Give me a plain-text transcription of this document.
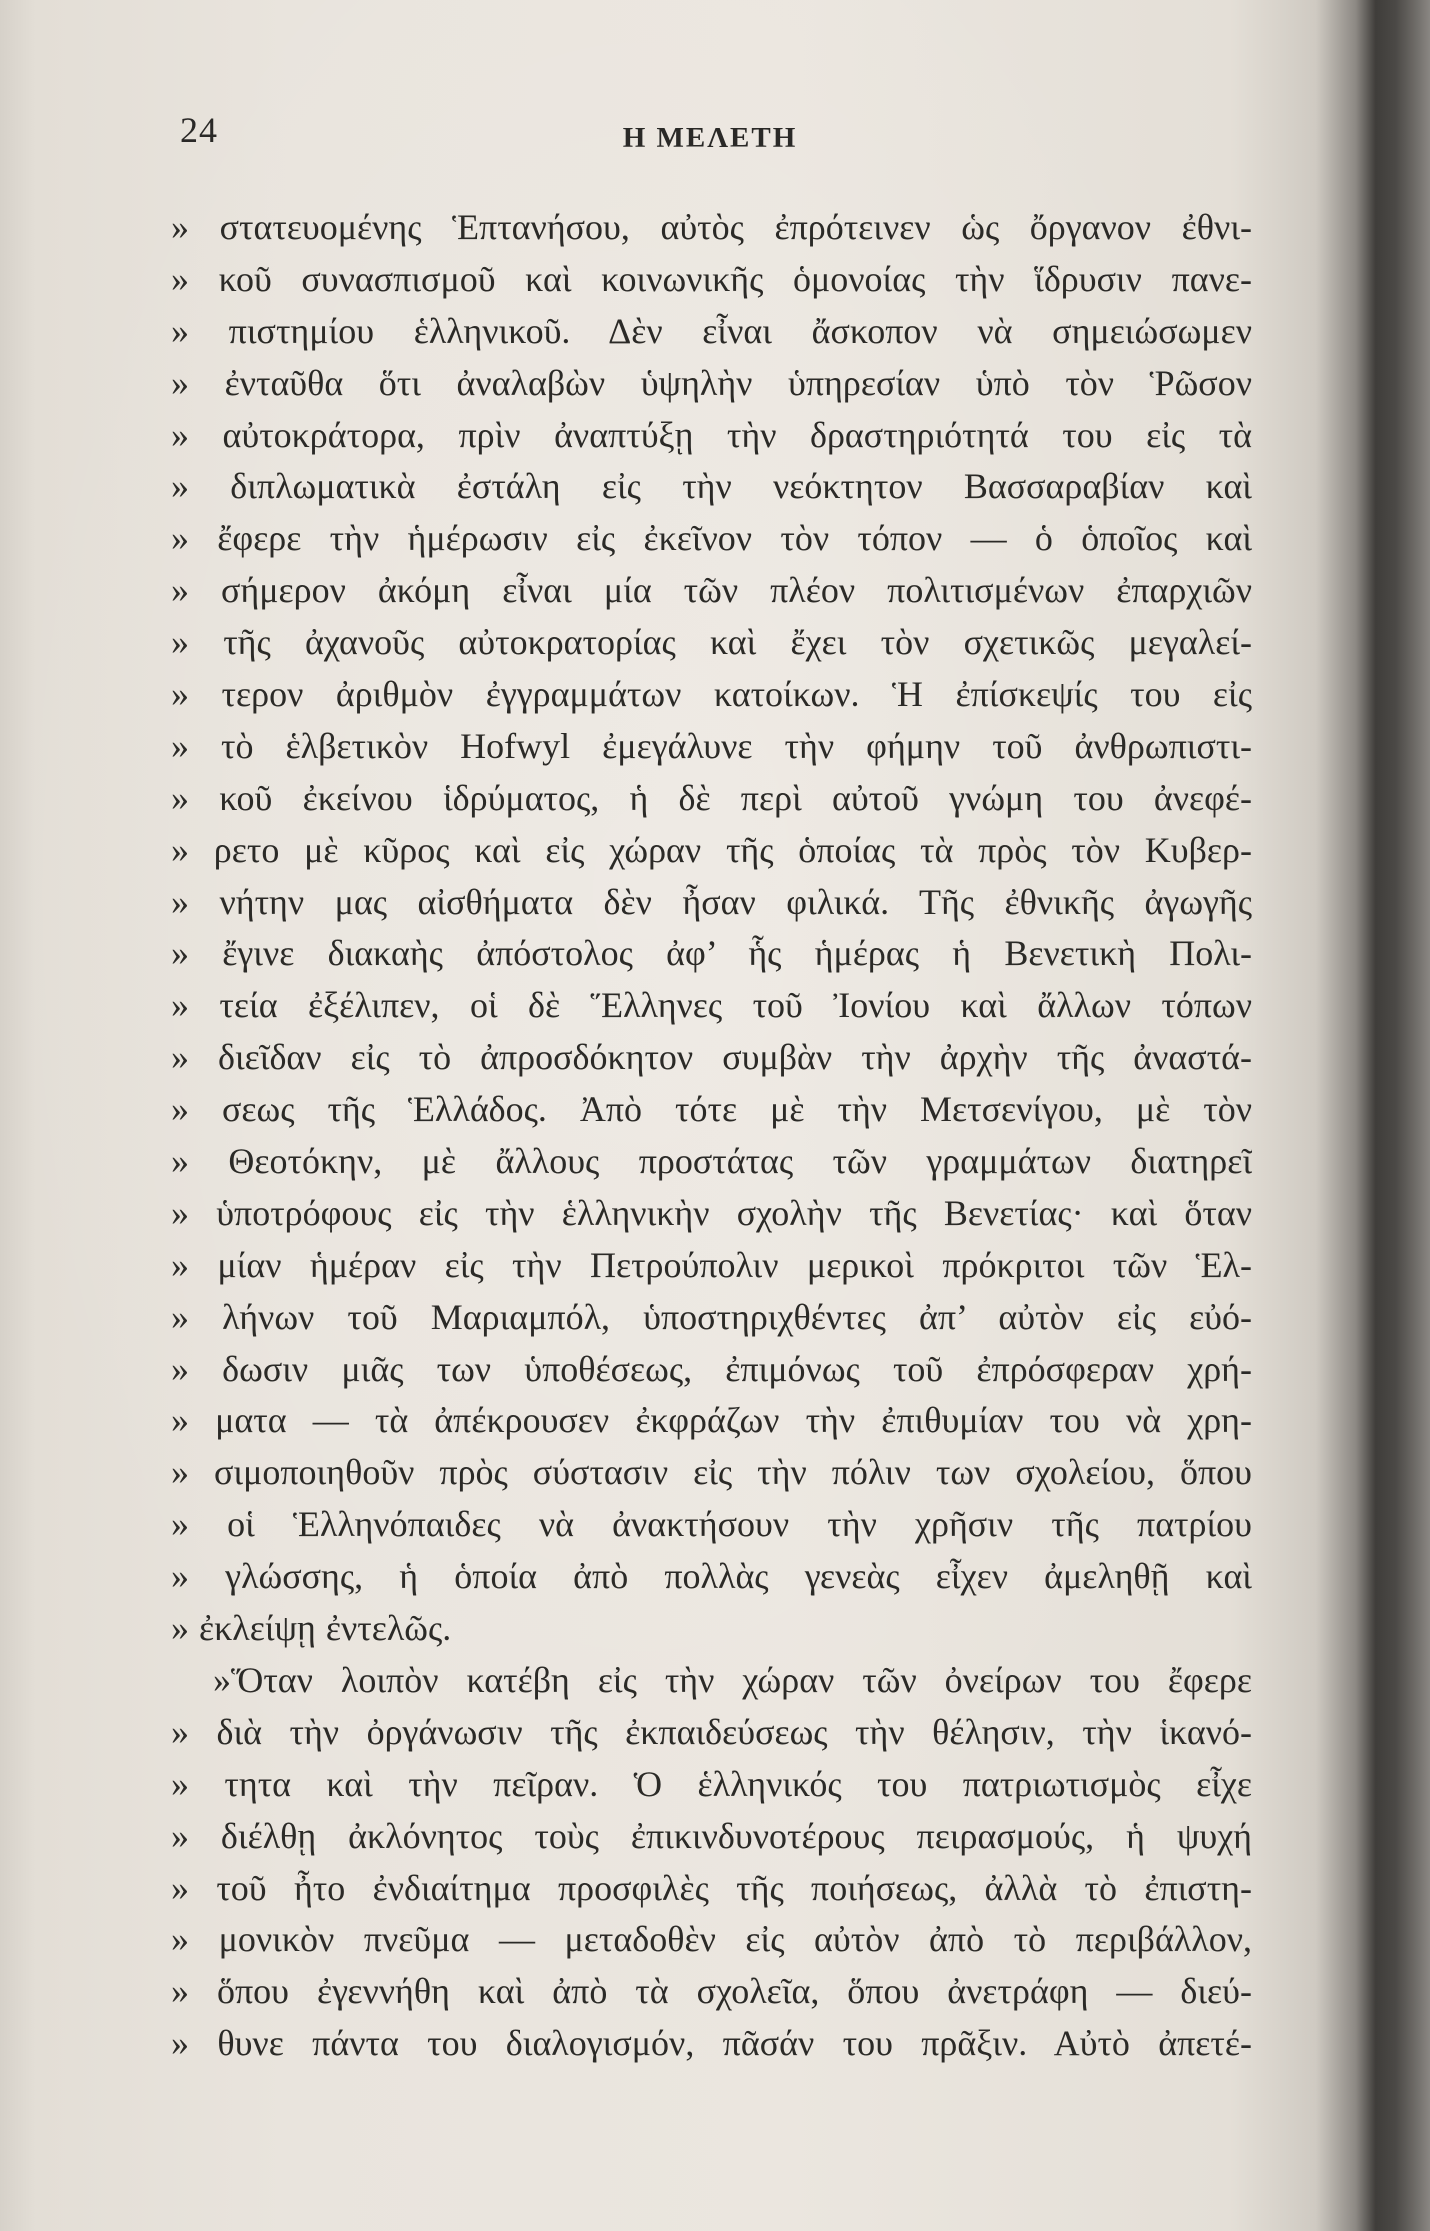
24	Η ΜΕΛΕΤΗ
» στατευομένης Ἑπτανήσου, αὐτὸς ἐπρότεινεν ὡς ὄργανον ἐθνι-
» κοῦ συνασπισμοῦ καὶ κοινωνικῆς ὁμονοίας τὴν ἵδρυσιν πανε-
» πιστημίου ἑλληνικοῦ. Δὲν εἶναι ἄσκοπον νὰ σημειώσωμεν
» ἐνταῦθα ὅτι ἀναλαβὼν ὑψηλὴν ὑπηρεσίαν ὑπὸ τὸν Ῥῶσον
» αὐτοκράτορα, πρὶν ἀναπτύξῃ τὴν δραστηριότητά του εἰς τὰ
» διπλωματικὰ ἐστάλη εἰς τὴν νεόκτητον Βασσαραβίαν καὶ
» ἔφερε τὴν ἡμέρωσιν εἰς ἐκεῖνον τὸν τόπον — ὁ ὁποῖος καὶ
» σήμερον ἀκόμη εἶναι μία τῶν πλέον πολιτισμένων ἐπαρχιῶν
» τῆς ἀχανοῦς αὐτοκρατορίας καὶ ἔχει τὸν σχετικῶς μεγαλεί-
» τερον ἀριθμὸν ἐγγραμμάτων κατοίκων. Ἡ ἐπίσκεψίς του εἰς
» τὸ ἑλβετικὸν Hofwyl ἐμεγάλυνε τὴν φήμην τοῦ ἀνθρωπιστι-
» κοῦ ἐκείνου ἱδρύματος, ἡ δὲ περὶ αὐτοῦ γνώμη του ἀνεφέ-
» ρετο μὲ κῦρος καὶ εἰς χώραν τῆς ὁποίας τὰ πρὸς τὸν Κυβερ-
» νήτην μας αἰσθήματα δὲν ἦσαν φιλικά. Τῆς ἐθνικῆς ἀγωγῆς
» ἔγινε διακαὴς ἀπόστολος ἀφ’ ἧς ἡμέρας ἡ Βενετικὴ Πολι-
» τεία ἐξέλιπεν, οἱ δὲ Ἕλληνες τοῦ Ἰονίου καὶ ἄλλων τόπων
» διεῖδαν εἰς τὸ ἀπροσδόκητον συμβὰν τὴν ἀρχὴν τῆς ἀναστά-
» σεως τῆς Ἑλλάδος. Ἀπὸ τότε μὲ τὴν Μετσενίγου, μὲ τὸν
» Θεοτόκην, μὲ ἄλλους προστάτας τῶν γραμμάτων διατηρεῖ
» ὑποτρόφους εἰς τὴν ἑλληνικὴν σχολὴν τῆς Βενετίας· καὶ ὅταν
» μίαν ἡμέραν εἰς τὴν Πετρούπολιν μερικοὶ πρόκριτοι τῶν Ἑλ-
» λήνων τοῦ Μαριαμπόλ, ὑποστηριχθέντες ἀπ’ αὐτὸν εἰς εὐό-
» δωσιν μιᾶς των ὑποθέσεως, ἐπιμόνως τοῦ ἐπρόσφεραν χρή-
» ματα — τὰ ἀπέκρουσεν ἐκφράζων τὴν ἐπιθυμίαν του νὰ χρη-
» σιμοποιηθοῦν πρὸς σύστασιν εἰς τὴν πόλιν των σχολείου, ὅπου
» οἱ Ἑλληνόπαιδες νὰ ἀνακτήσουν τὴν χρῆσιν τῆς πατρίου
» γλώσσης, ἡ ὁποία ἀπὸ πολλὰς γενεὰς εἶχεν ἀμεληθῇ καὶ
» ἐκλείψῃ ἐντελῶς.
»Ὅταν λοιπὸν κατέβη εἰς τὴν χώραν τῶν ὀνείρων του ἔφερε
» διὰ τὴν ὀργάνωσιν τῆς ἐκπαιδεύσεως τὴν θέλησιν, τὴν ἱκανό-
» τητα καὶ τὴν πεῖραν. Ὁ ἑλληνικός του πατριωτισμὸς εἶχε
» διέλθῃ ἀκλόνητος τοὺς ἐπικινδυνοτέρους πειρασμούς, ἡ ψυχή
» τοῦ ἦτο ἐνδιαίτημα προσφιλὲς τῆς ποιήσεως, ἀλλὰ τὸ ἐπιστη-
» μονικὸν πνεῦμα — μεταδοθὲν εἰς αὐτὸν ἀπὸ τὸ περιβάλλον,
» ὅπου ἐγεννήθη καὶ ἀπὸ τὰ σχολεῖα, ὅπου ἀνετράφη — διεύ-
» θυνε πάντα του διαλογισμόν, πᾶσάν του πρᾶξιν. Αὐτὸ ἀπετέ-
